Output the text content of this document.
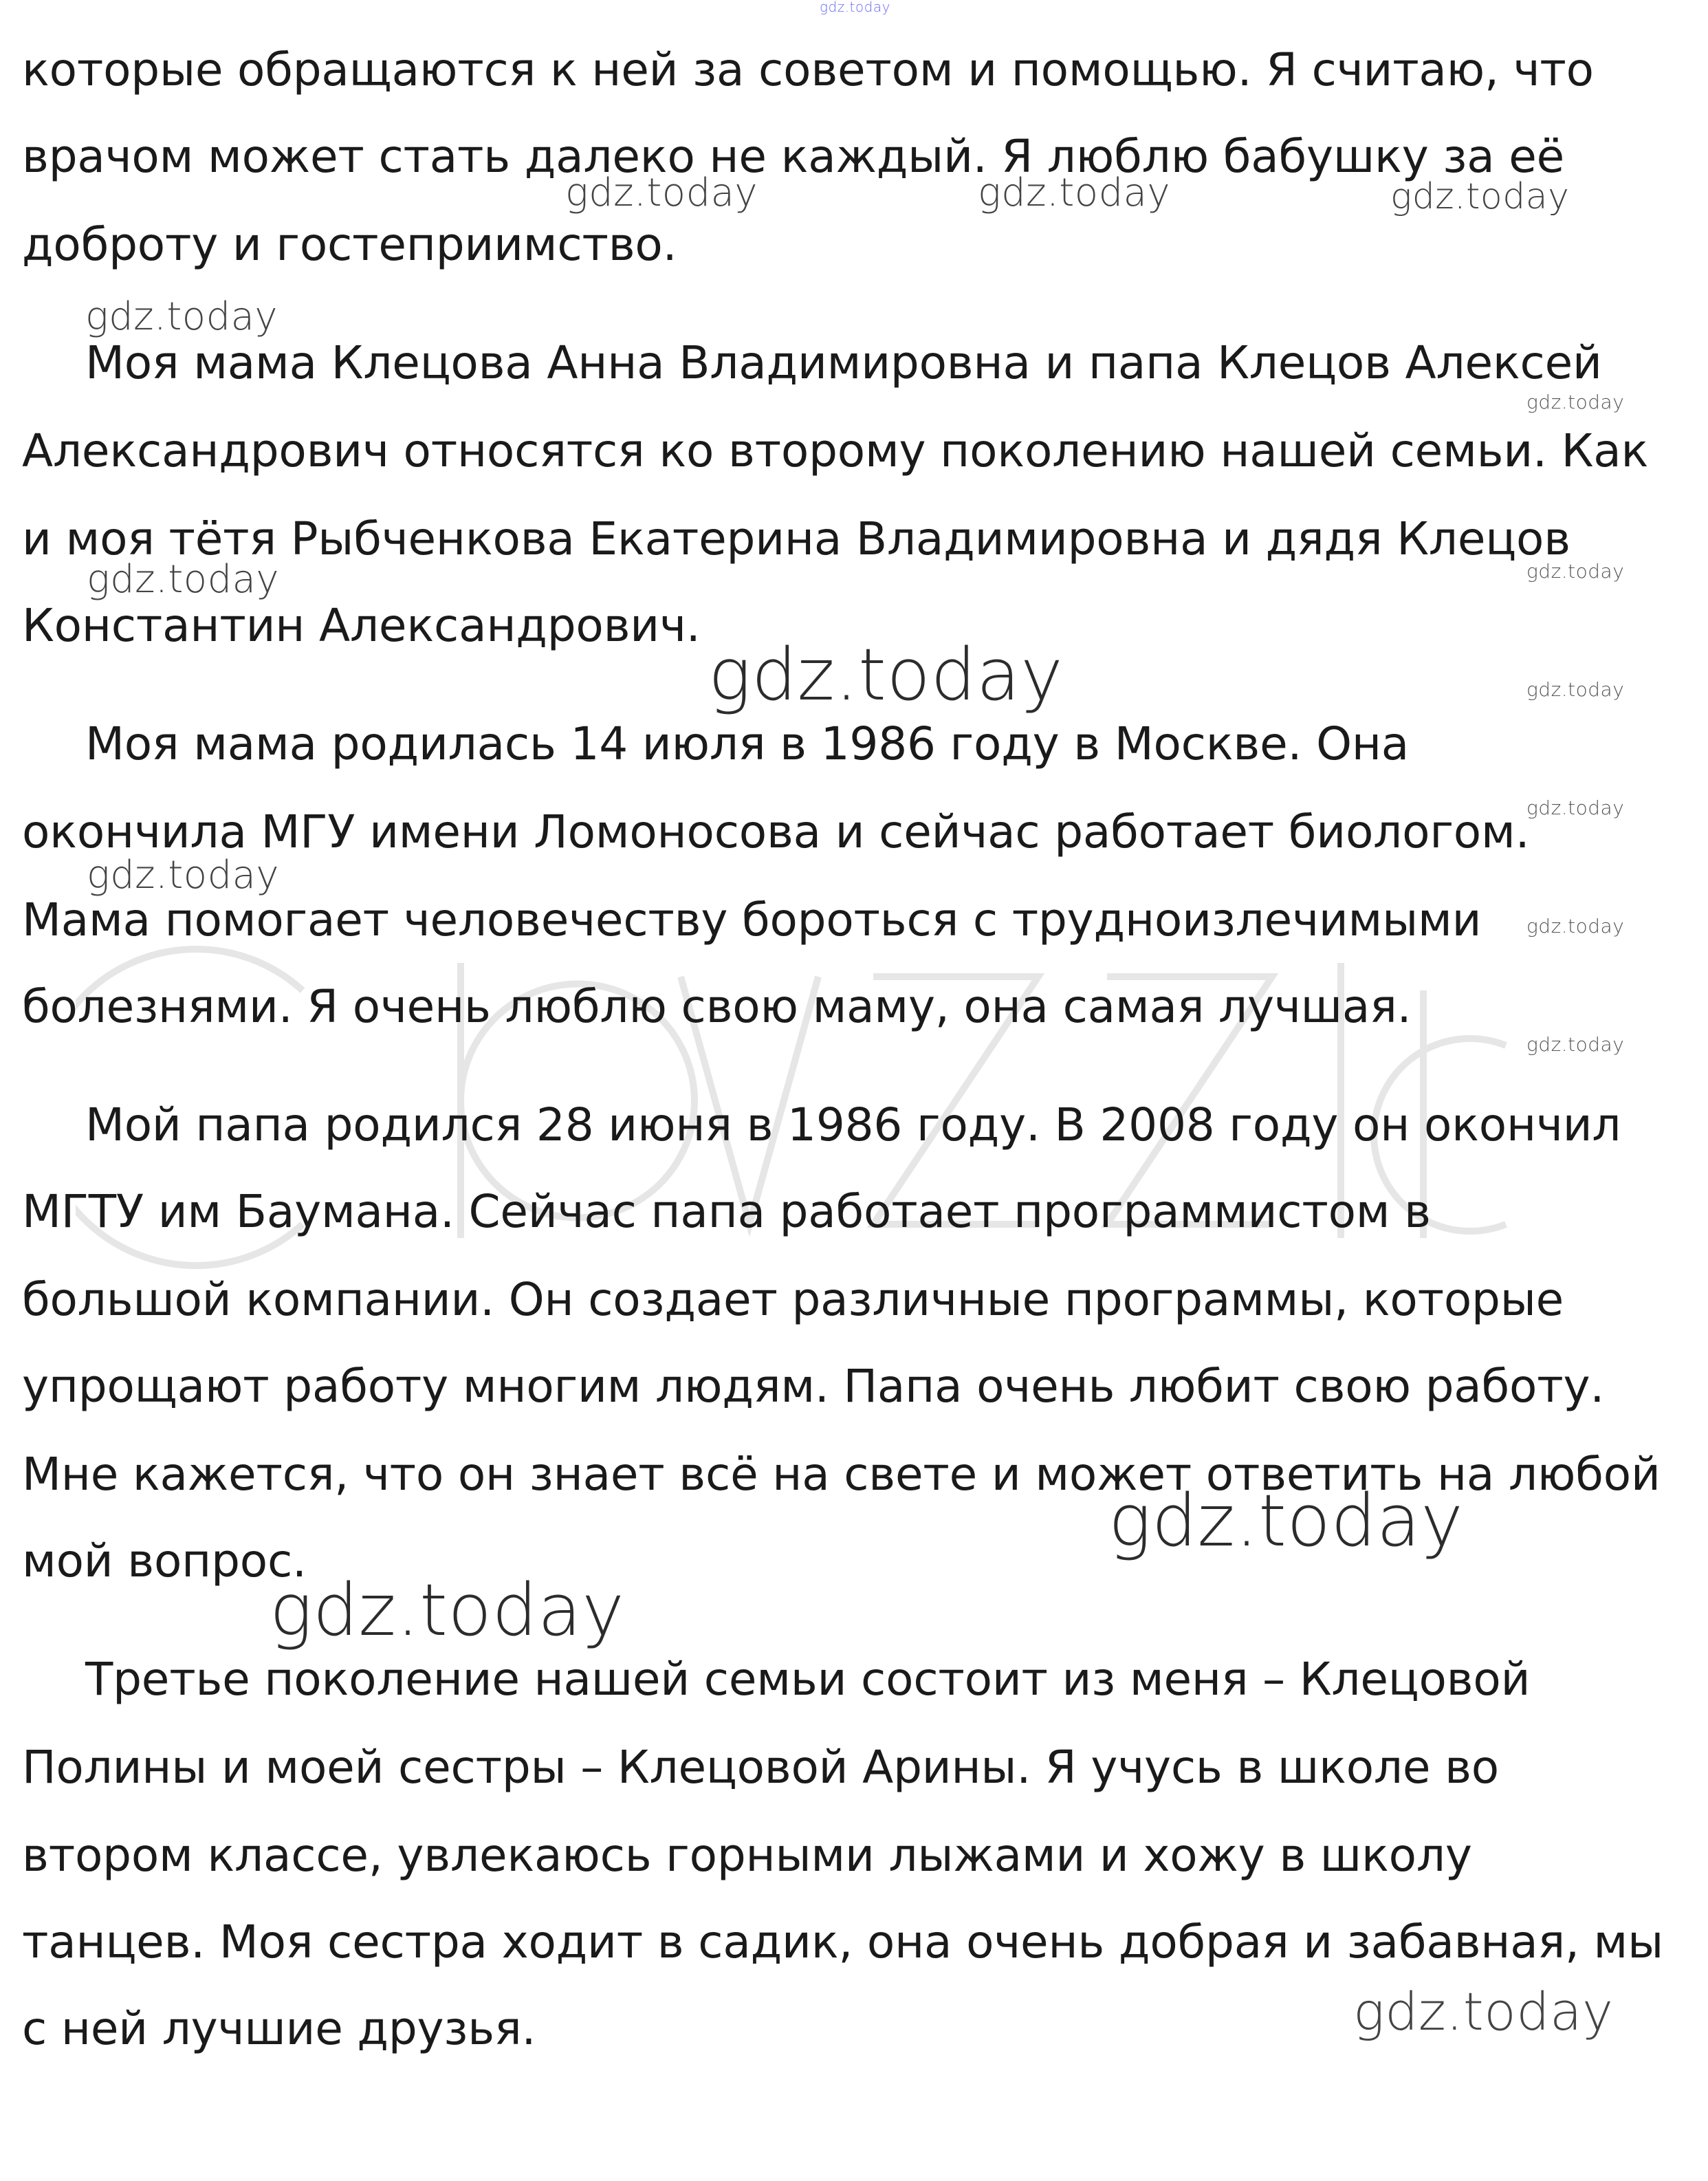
gdz.today
которые обращаются к ней за советом и помощью. Я считаю, что
врачом может стать далеко не каждый. Я люблю бабушку за её
доброту и гостеприимство.
Моя мама Клецова Анна Владимировна и папа Клецов Алексей
Александрович относятся ко второму поколению нашей семьи. Как
и моя тётя Рыбченкова Екатерина Владимировна и дядя Клецов
Константин Александрович.
Моя мама родилась 14 июля в 1986 году в Москве. Она
окончила МГУ имени Ломоносова и сейчас работает биологом.
Мама помогает человечеству бороться с трудноизлечимыми
болезнями. Я очень люблю свою маму, она самая лучшая.
Мой папа родился 28 июня в 1986 году. В 2008 году он окончил
МГТУ им Баумана. Сейчас папа работает программистом в
большой компании. Он создает различные программы, которые
упрощают работу многим людям. Папа очень любит свою работу.
Мне кажется, что он знает всё на свете и может ответить на любой
мой вопрос.
Третье поколение нашей семьи состоит из меня – Клецовой
Полины и моей сестры – Клецовой Арины. Я учусь в школе во
втором классе, увлекаюсь горными лыжами и хожу в школу
танцев. Моя сестра ходит в садик, она очень добрая и забавная, мы
с ней лучшие друзья.
gdz.today	gdz.today	gdz.today
gdz.today
gdz.today
gdz.today
gdz.today
gdz.today	gdz.today
gdz.today
gdz.today
gdz.today
gdz.today
gdz.today
gdz.today
gdz.today
